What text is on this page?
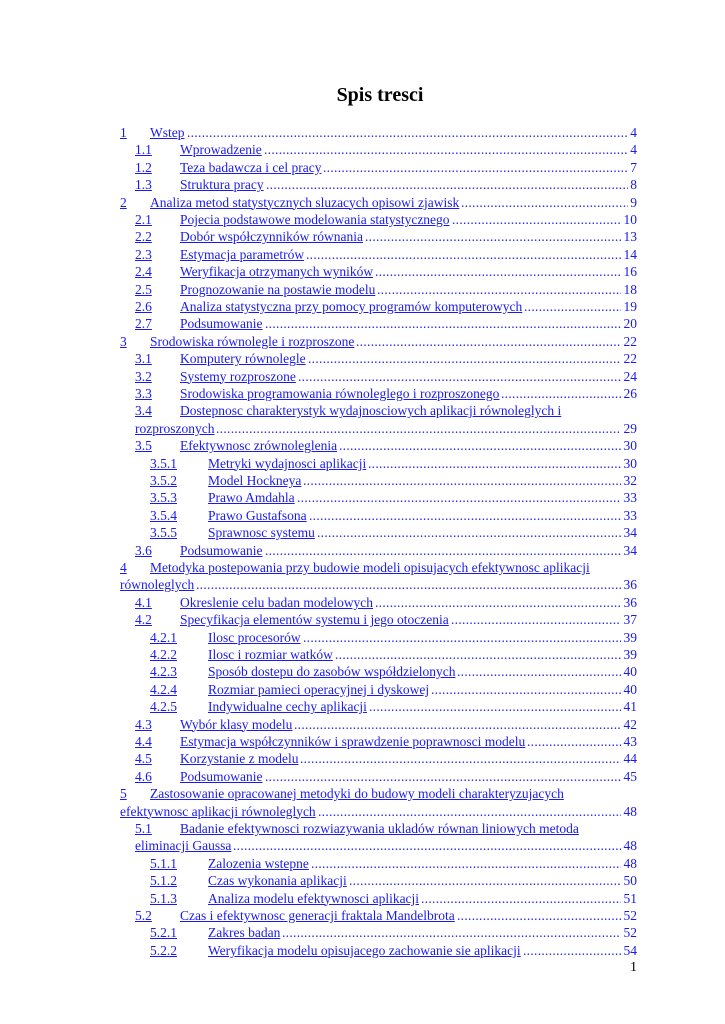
Spis tresci
1 Wstep .....	4
1.1 Wprowadzenie .....	4
1.2 Teza badawcza i cel pracy .....	7
1.3 Struktura pracy .....	8
2 Analiza metod statystycznych sluzacych opisowi zjawisk .....	9
2.1 Pojecia podstawowe modelowania statystycznego .....	10
2.2 Dobór współczynników równania .....	13
2.3 Estymacja parametrów .....	14
2.4 Weryfikacja otrzymanych wyników .....	16
2.5 Prognozowanie na postawie modelu .....	18
2.6 Analiza statystyczna przy pomocy programów komputerowych .....	19
2.7 Podsumowanie .....	20
3 Srodowiska równolegle i rozproszone .....	22
3.1 Komputery równolegle .....	22
3.2 Systemy rozproszone .....	24
3.3 Srodowiska programowania równoleglego i rozproszonego .....	26
3.4 Dostepnosc charakterystyk wydajnosciowych aplikacji równoleglych i
rozproszonych .....	29
3.5 Efektywnosc zrównoleglenia .....	30
3.5.1 Metryki wydajnosci aplikacji .....	30
3.5.2 Model Hockneya .....	32
3.5.3 Prawo Amdahla .....	33
3.5.4 Prawo Gustafsona .....	33
3.5.5 Sprawnosc systemu .....	34
3.6 Podsumowanie .....	34
4 Metodyka postepowania przy budowie modeli opisujacych efektywnosc aplikacji
równoleglych .....	36
4.1 Okreslenie celu badan modelowych .....	36
4.2 Specyfikacja elementów systemu i jego otoczenia .....	37
4.2.1 Ilosc procesorów .....	39
4.2.2 Ilosc i rozmiar watków .....	39
4.2.3 Sposób dostepu do zasobów współdzielonych .....	40
4.2.4 Rozmiar pamieci operacyjnej i dyskowej .....	40
4.2.5 Indywidualne cechy aplikacji .....	41
4.3 Wybór klasy modelu .....	42
4.4 Estymacja współczynników i sprawdzenie poprawnosci modelu .....	43
4.5 Korzystanie z modelu .....	44
4.6 Podsumowanie .....	45
5 Zastosowanie opracowanej metodyki do budowy modeli charakteryzujacych
efektywnosc aplikacji równoleglych .....	48
5.1 Badanie efektywnosci rozwiazywania ukladów równan liniowych metoda
eliminacji Gaussa .....	48
5.1.1 Zalozenia wstepne .....	48
5.1.2 Czas wykonania aplikacji .....	50
5.1.3 Analiza modelu efektywnosci aplikacji .....	51
5.2 Czas i efektywnosc generacji fraktala Mandelbrota .....	52
5.2.1 Zakres badan .....	52
5.2.2 Weryfikacja modelu opisujacego zachowanie sie aplikacji .....	54
1
